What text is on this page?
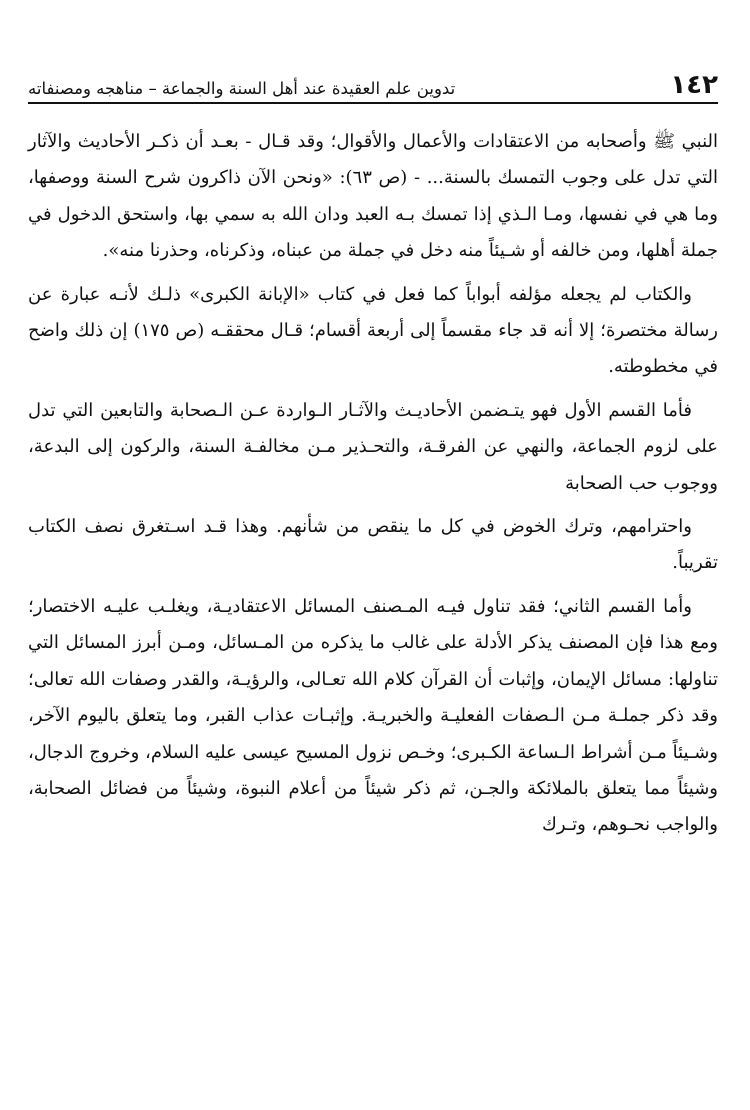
١٤٢
تدوين علم العقيدة عند أهل السنة والجماعة – مناهجه ومصنفاته

النبي ﷺ وأصحابه من الاعتقادات والأعمال والأقوال؛ وقد قـال - بعـد أن ذكـر الأحاديث والآثار التي تدل على وجوب التمسك بالسنة... - (ص ٦٣): «ونحن الآن ذاكرون شرح السنة ووصفها، وما هي في نفسها، ومـا الـذي إذا تمسك بـه العبد ودان الله به سمي بها، واستحق الدخول في جملة أهلها، ومن خالفه أو شـيئاً منه دخل في جملة من عبناه، وذكرناه، وحذرنا منه».

والكتاب لم يجعله مؤلفه أبواباً كما فعل في كتاب «الإبانة الكبرى» ذلـك لأنـه عبارة عن رسالة مختصرة؛ إلا أنه قد جاء مقسماً إلى أربعة أقسام؛ قـال محققـه (ص ١٧٥) إن ذلك واضح في مخطوطته.

فأما القسم الأول فهو يتـضمن الأحاديـث والآثـار الـواردة عـن الـصحابة والتابعين التي تدل على لزوم الجماعة، والنهي عن الفرقـة، والتحـذير مـن مخالفـة السنة، والركون إلى البدعة، ووجوب حب الصحابة

واحترامهم، وترك الخوض في كل ما ينقص من شأنهم. وهذا قـد اسـتغرق نصف الكتاب تقريباً.

وأما القسم الثاني؛ فقد تناول فيـه المـصنف المسائل الاعتقاديـة، ويغلـب عليـه الاختصار؛ ومع هذا فإن المصنف يذكر الأدلة على غالب ما يذكره من المـسائل، ومـن أبرز المسائل التي تناولها: مسائل الإيمان، وإثبات أن القرآن كلام الله تعـالى، والرؤيـة، والقدر وصفات الله تعالى؛ وقد ذكر جملـة مـن الـصفات الفعليـة والخبريـة. وإثبـات عذاب القبر، وما يتعلق باليوم الآخر، وشـيئاً مـن أشراط الـساعة الكـبرى؛ وخـص نزول المسيح عيسى عليه السلام، وخروج الدجال، وشيئاً مما يتعلق بالملائكة والجـن، ثم ذكر شيئاً من أعلام النبوة، وشيئاً من فضائل الصحابة، والواجب نحـوهم، وتـرك
